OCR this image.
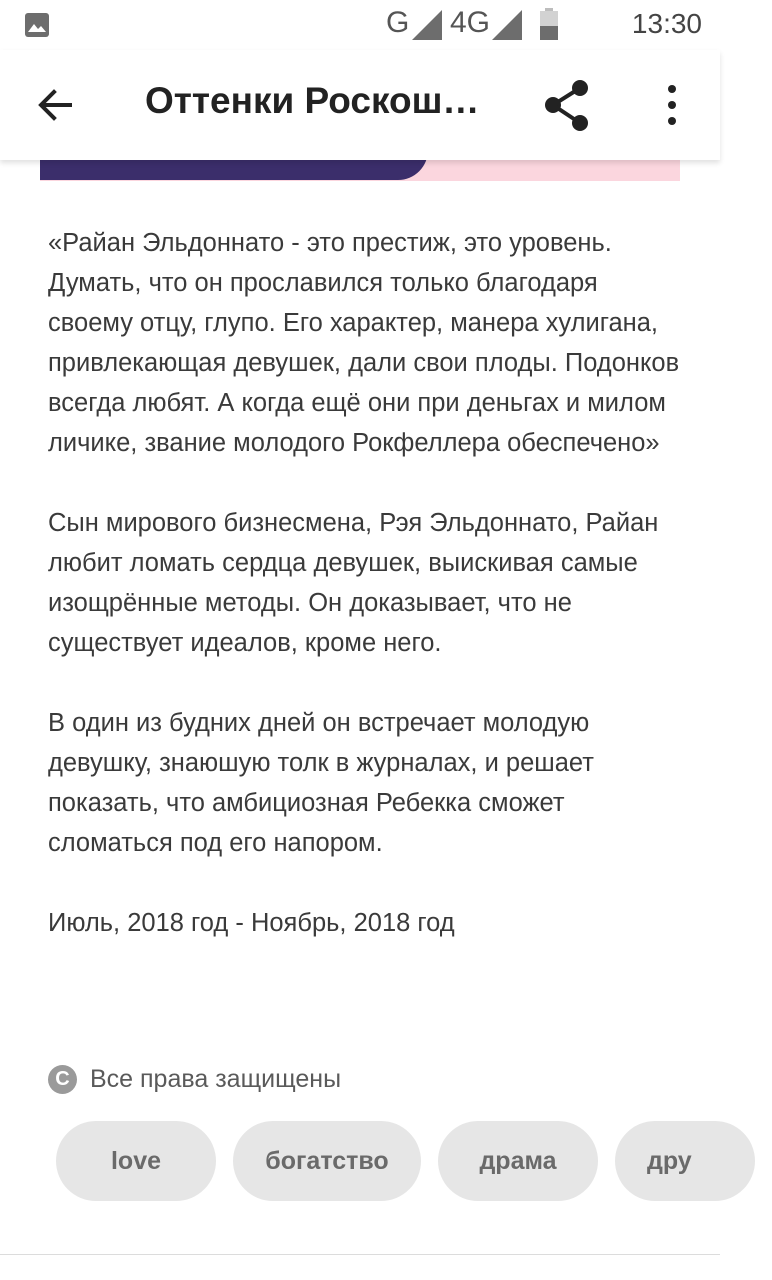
G 4G	13:30
Оттенки Роскош…

«Райан Эльдоннато - это престиж, это уровень. Думать, что он прославился только благодаря своему отцу, глупо. Его характер, манера хулигана, привлекающая девушек, дали свои плоды. Подонков всегда любят. А когда ещё они при деньгах и милом личике, звание молодого Рокфеллера обеспечено»

Сын мирового бизнесмена, Рэя Эльдоннато, Райан любит ломать сердца девушек, выискивая самые изощрённые методы. Он доказывает, что не существует идеалов, кроме него.

В один из будних дней он встречает молодую девушку, знаюшую толк в журналах, и решает показать, что амбициозная Ребекка сможет сломаться под его напором.

Июль, 2018 год - Ноябрь, 2018 год

C Все права защищены
love	богатство	драма	дру
